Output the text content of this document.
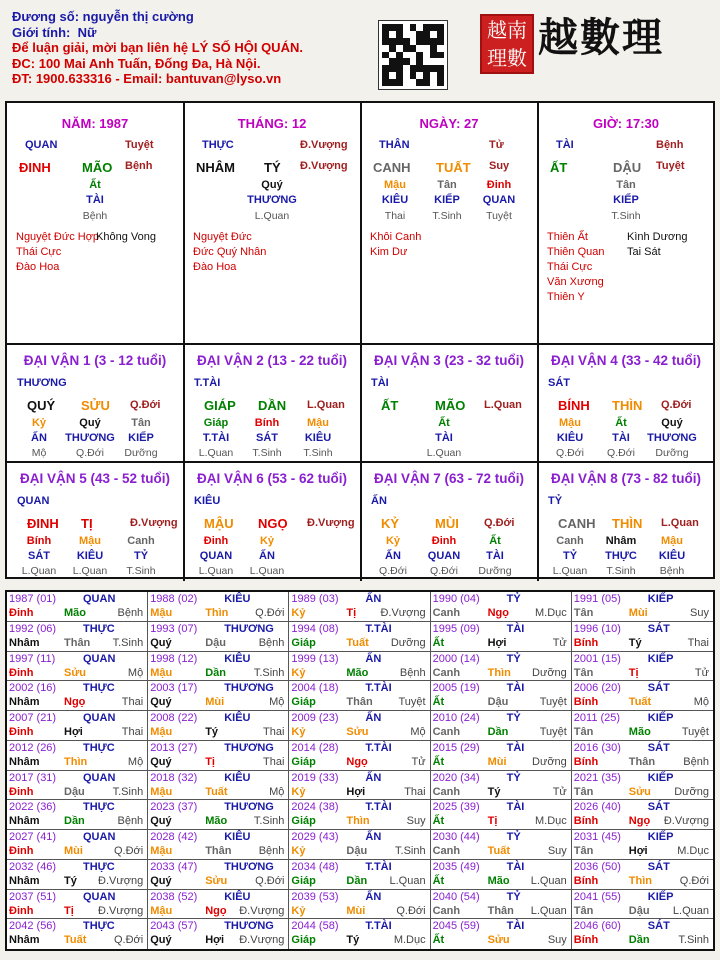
Đương số: nguyễn thị cường
Giới tính: Nữ
Để luận giải, mời bạn liên hệ LÝ SỐ HỘI QUÁN.
ĐC: 100 Mai Anh Tuấn, Đống Đa, Hà Nội.
ĐT: 1900.633316 - Email: bantuvan@lyso.vn
越 南
理 數 越數理
NĂM: 1987
QUAN	Tuyệt
ĐINH MÃO Bệnh
Ất
TÀI
Bệnh
Nguyệt Đức Hợp
Không Vong
Thái Cực
Đào Hoa
THÁNG: 12
THỰC	Đ.Vượng
NHÂM TÝ Đ.Vượng
Quý
THƯƠNG
L.Quan
Nguyệt Đức
Đức Quý Nhân
Đào Hoa
NGÀY: 27
THÂN	Tử
CANH TUẤT Suy
Mậu
KIÊU
Thai
Tân
KIẾP
T.Sinh
Đinh
QUAN
Tuyệt
Khôi Canh
Kim Dư
GIỜ: 17:30
TÀI	Bệnh
ẤT	DẬU Tuyệt
Tân
KIẾP
T.Sinh
Thiên Ất	Kình Dương
Thiên Quan Tai Sát
Thái Cực
Văn Xương
Thiên Y
ĐẠI VẬN 1 (3 - 12 tuổi)
THƯƠNG
QUÝ SỬU Q.Đới
Kỷ
ẤN
Mộ
Quý
THƯƠNG
Q.Đới
Tân
KIẾP
Dưỡng
ĐẠI VẬN 2 (13 - 22 tuổi)
T.TÀI
GIÁP DẦN L.Quan
Giáp
T.TÀI
L.Quan
Bính
SÁT
T.Sinh
Mậu
KIÊU
T.Sinh
ĐẠI VẬN 3 (23 - 32 tuổi)
TÀI
ẤT	MÃO L.Quan
Ất
TÀI
L.Quan
ĐẠI VẬN 4 (33 - 42 tuổi)
SÁT
BÍNH THÌN Q.Đới
Mậu
KIÊU
Q.Đới
Ất
TÀI
Q.Đới
Quý
THƯƠNG
Dưỡng
ĐẠI VẬN 5 (43 - 52 tuổi)
QUAN
ĐINH TỊ	Đ.Vượng
Bính
SÁT
L.Quan
Mậu
KIÊU
L.Quan
Canh
TỶ
T.Sinh
ĐẠI VẬN 6 (53 - 62 tuổi)
KIÊU
MẬU NGỌ Đ.Vượng
Đinh
QUAN
L.Quan
Kỷ
ẤN
L.Quan
ĐẠI VẬN 7 (63 - 72 tuổi)
ẤN
KỶ	MÙI Q.Đới
Kỷ
ẤN
Q.Đới
Đinh
QUAN
Q.Đới
Ất
TÀI
Dưỡng
ĐẠI VẬN 8 (73 - 82 tuổi)
TỶ
CANH THÌN L.Quan
Canh
TỶ
L.Quan
Nhâm
THỰC
T.Sinh
Mậu
KIÊU
Bệnh
1987 (01) QUAN
Đinh	Mão	Bệnh
1988 (02) KIÊU
Mậu	Thìn Q.Đới
1989 (03) ẤN
Kỷ	Tị Đ.Vượng
1990 (04) TỶ
Canh	Ngọ M.Dục
1991 (05) KIẾP
Tân	Mùi	Suy
1992 (06) THỰC
Nhâm Thân T.Sinh
1993 (07) THƯƠNG
Quý	Dậu	Bệnh
1994 (08) T.TÀI
Giáp	Tuất Dưỡng
1995 (09) TÀI
Ất	Hợi	Tử
1996 (10) SÁT
Bính	Tý	Thai
1997 (11)	QUAN
Đinh	Sửu	Mộ
1998 (12) KIÊU
Mậu	Dần	T.Sinh
1999 (13) ẤN
Kỷ	Mão	Bệnh
2000 (14) TỶ
Canh	Thìn Dưỡng
2001 (15) KIẾP
Tân	Tị	Tử
2002 (16) THỰC
Nhâm Ngọ	Thai
2003 (17) THƯƠNG
Quý	Mùi	Mộ
2004 (18) T.TÀI
Giáp	Thân Tuyệt
2005 (19) TÀI
Ất	Dậu	Tuyệt
2006 (20) SÁT
Bính	Tuất	Mộ
2007 (21) QUAN
Đinh	Hợi	Thai
2008 (22) KIÊU
Mậu	Tý	Thai
2009 (23) ẤN
Kỷ	Sửu	Mộ
2010 (24) TỶ
Canh	Dần	Tuyệt
2011 (25)	KIẾP
Tân	Mão	Tuyệt
2012 (26) THỰC
Nhâm Thìn	Mộ
2013 (27) THƯƠNG
Quý	Tị	Thai
2014 (28) T.TÀI
Giáp	Ngọ	Tử
2015 (29) TÀI
Ất	Mùi Dưỡng
2016 (30) SÁT
Bính	Thân	Bệnh
2017 (31) QUAN
Đinh	Dậu	T.Sinh
2018 (32) KIÊU
Mậu	Tuất	Mộ
2019 (33) ẤN
Kỷ	Hợi	Thai
2020 (34) TỶ
Canh	Tý	Tử
2021 (35) KIẾP
Tân	Sửu Dưỡng
2022 (36) THỰC
Nhâm Dần	Bệnh
2023 (37) THƯƠNG
Quý	Mão T.Sinh
2024 (38) T.TÀI
Giáp	Thìn	Suy
2025 (39) TÀI
Ất	Tị	M.Dục
2026 (40) SÁT
Bính	Ngọ Đ.Vượng
2027 (41) QUAN
Đinh	Mùi	Q.Đới
2028 (42) KIÊU
Mậu	Thân Bệnh
2029 (43) ẤN
Kỷ	Dậu	T.Sinh
2030 (44) TỶ
Canh	Tuất	Suy
2031 (45) KIẾP
Tân	Hợi	M.Dục
2032 (46) THỰC
Nhâm Tý Đ.Vượng
2033 (47) THƯƠNG
Quý	Sửu	Q.Đới
2034 (48) T.TÀI
Giáp	Dần L.Quan
2035 (49) TÀI
Ất	Mão L.Quan
2036 (50) SÁT
Bính	Thìn	Q.Đới
2037 (51) QUAN
Đinh	Tị Đ.Vượng
2038 (52) KIÊU
Mậu	Ngọ Đ.Vượng
2039 (53) ẤN
Kỷ	Mùi	Q.Đới
2040 (54) TỶ
Canh	Thân L.Quan
2041 (55) KIẾP
Tân	Dậu L.Quan
2042 (56) THỰC
Nhâm Tuất	Q.Đới
2043 (57) THƯƠNG
Quý	Hợi Đ.Vượng
2044 (58) T.TÀI
Giáp	Tý	M.Dục
2045 (59) TÀI
Ất	Sửu	Suy
2046 (60) SÁT
Bính	Dần	T.Sinh
